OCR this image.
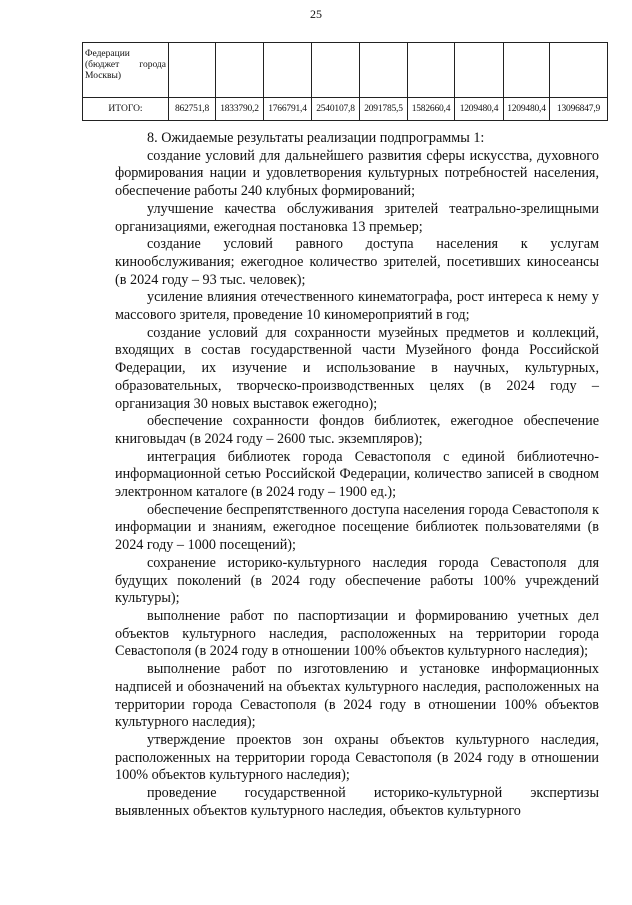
25
Федерации (бюджет города Москвы)									
ИТОГО:	862751,8	1833790,2	1766791,4	2540107,8	2091785,5	1582660,4	1209480,4	1209480,4	13096847,9

8. Ожидаемые результаты реализации подпрограммы 1:

создание условий для дальнейшего развития сферы искусства, духовного формирования нации и удовлетворения культурных потребностей населения, обеспечение работы 240 клубных формирований;

улучшение качества обслуживания зрителей театрально-зрелищными организациями, ежегодная постановка 13 премьер;

создание условий равного доступа населения к услугам кинообслуживания; ежегодное количество зрителей, посетивших киносеансы (в 2024 году – 93 тыс. человек);

усиление влияния отечественного кинематографа, рост интереса к нему у массового зрителя, проведение 10 киномероприятий в год;

создание условий для сохранности музейных предметов и коллекций, входящих в состав государственной части Музейного фонда Российской Федерации, их изучение и использование в научных, культурных, образовательных, творческо-производственных целях (в 2024 году – организация 30 новых выставок ежегодно);

обеспечение сохранности фондов библиотек, ежегодное обеспечение книговыдач (в 2024 году – 2600 тыс. экземпляров);

интеграция библиотек города Севастополя с единой библиотечно-информационной сетью Российской Федерации, количество записей в сводном электронном каталоге (в 2024 году – 1900 ед.);

обеспечение беспрепятственного доступа населения города Севастополя к информации и знаниям, ежегодное посещение библиотек пользователями (в 2024 году – 1000 посещений);

сохранение историко-культурного наследия города Севастополя для будущих поколений (в 2024 году обеспечение работы 100% учреждений культуры);

выполнение работ по паспортизации и формированию учетных дел объектов культурного наследия, расположенных на территории города Севастополя (в 2024 году в отношении 100% объектов культурного наследия);

выполнение работ по изготовлению и установке информационных надписей и обозначений на объектах культурного наследия, расположенных на территории города Севастополя (в 2024 году в отношении 100% объектов культурного наследия);

утверждение проектов зон охраны объектов культурного наследия, расположенных на территории города Севастополя (в 2024 году в отношении 100% объектов культурного наследия);

проведение государственной историко-культурной экспертизы выявленных объектов культурного наследия, объектов культурного
